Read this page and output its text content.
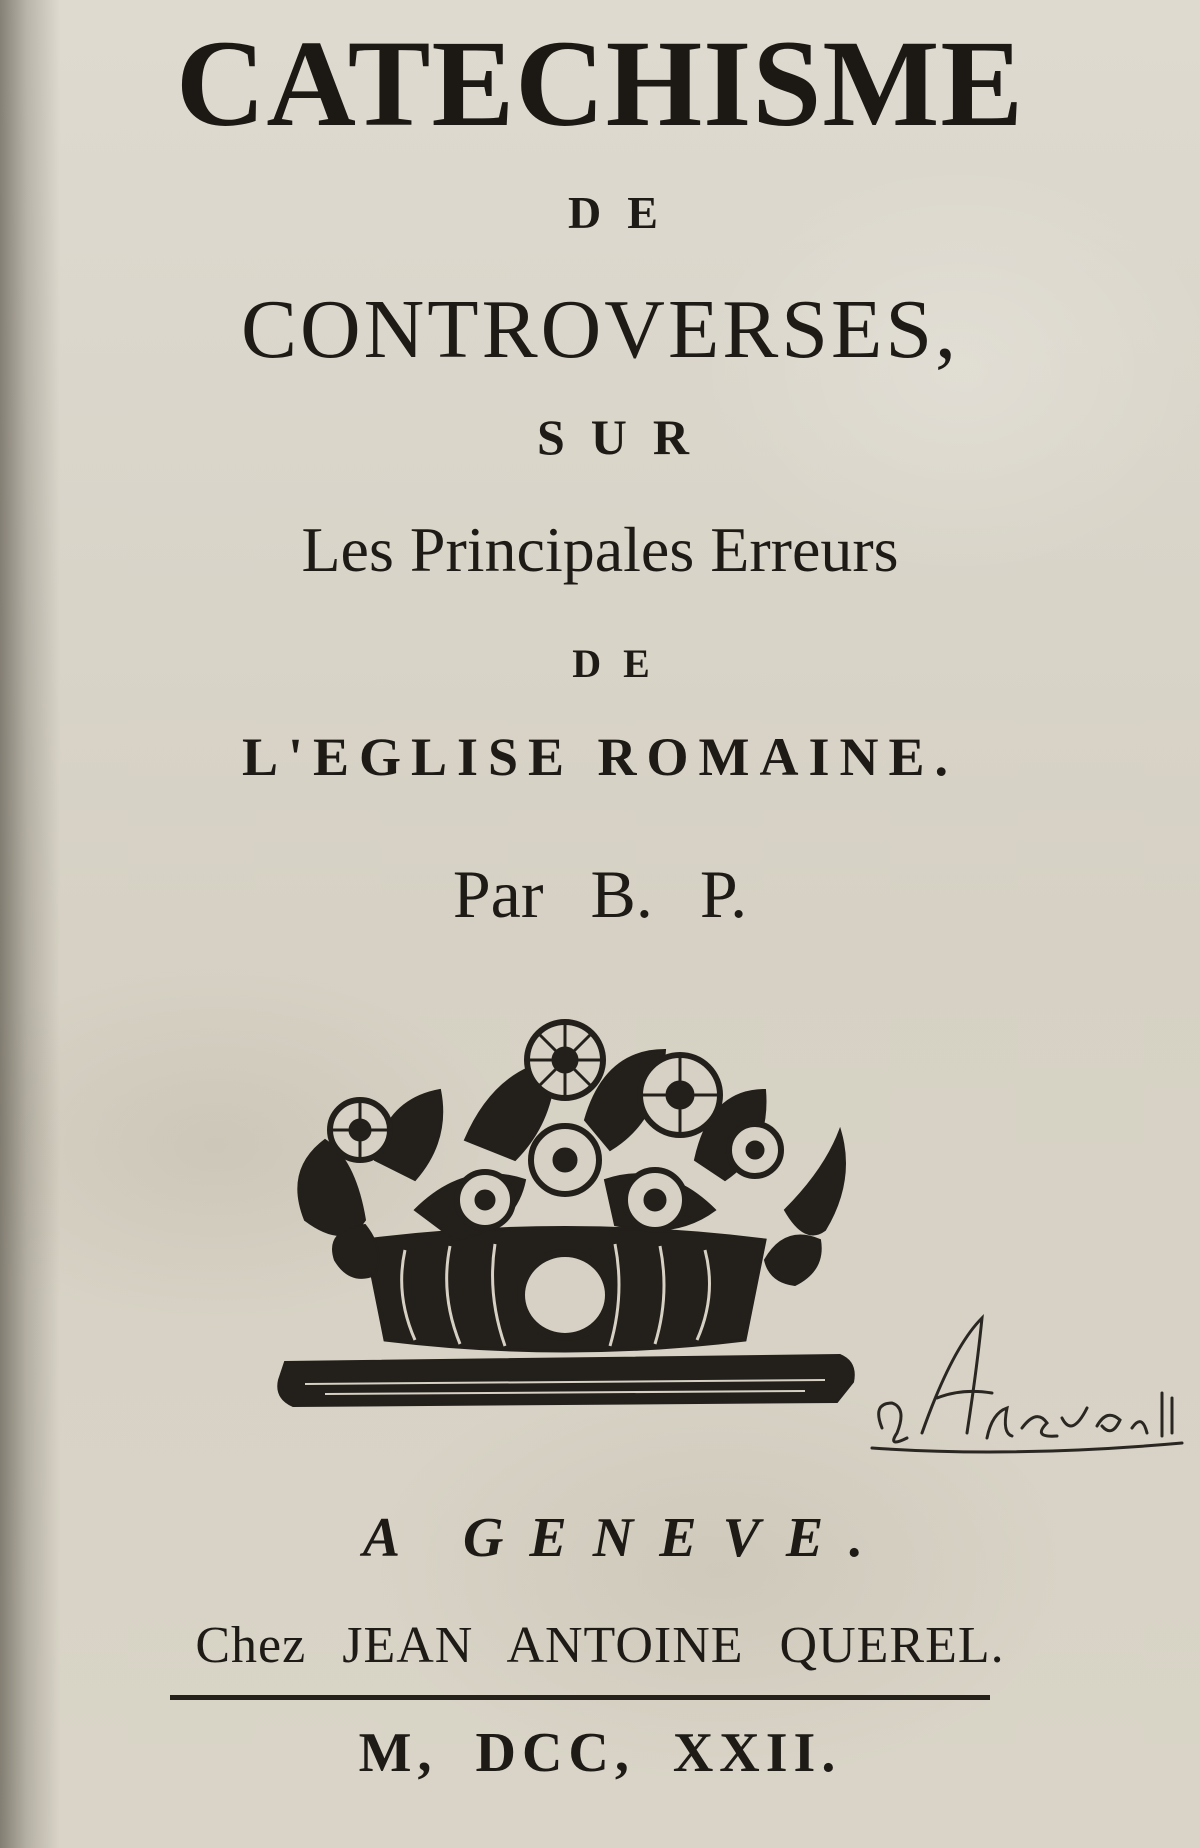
CATECHISME
DE
CONTROVERSES,
SUR
Les Principales Erreurs
DE
L'EGLISE ROMAINE.
Par B. P.
A GENEVE.
Chez JEAN ANTOINE QUEREL.
M, DCC, XXII.
